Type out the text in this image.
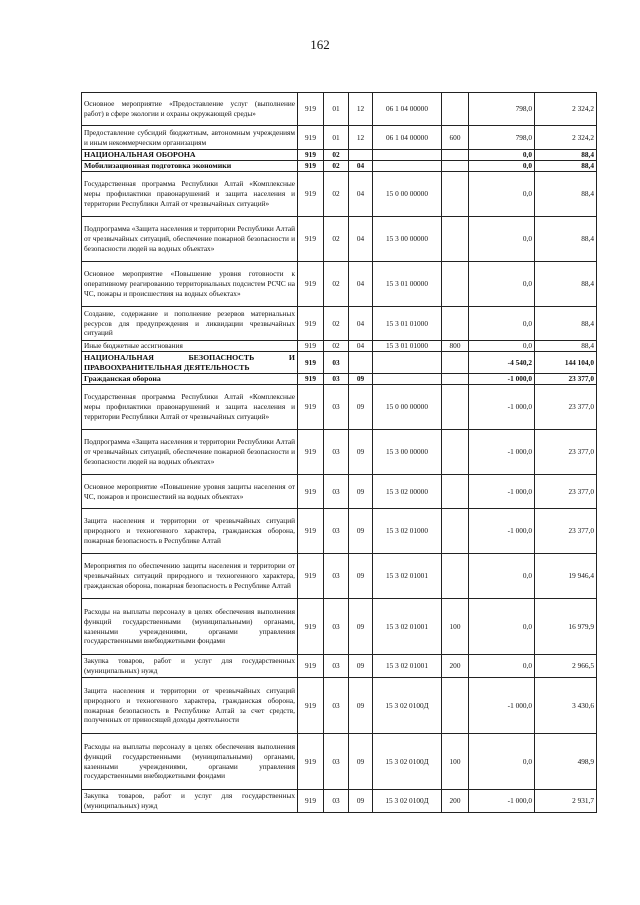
162
Основное мероприятие «Предоставление услуг (выполнение работ) в сфере экологии и охраны окружающей среды»	919	01	12	06 1 04 00000		798,0	2 324,2
Предоставление субсидий бюджетным, автономным учреждениям и иным некоммерческим организациям	919	01	12	06 1 04 00000	600	798,0	2 324,2
НАЦИОНАЛЬНАЯ ОБОРОНА	919	02				0,0	88,4
Мобилизационная подготовка экономики	919	02	04			0,0	88,4
Государственная программа Республики Алтай «Комплексные меры профилактики правонарушений и защита населения и территории Республики Алтай от чрезвычайных ситуаций»	919	02	04	15 0 00 00000		0,0	88,4
Подпрограмма «Защита населения и территории Республики Алтай от чрезвычайных ситуаций, обеспечение пожарной безопасности и безопасности людей на водных объектах»	919	02	04	15 3 00 00000		0,0	88,4
Основное мероприятие «Повышение уровня готовности к оперативному реагированию территориальных подсистем РСЧС на ЧС, пожары и происшествия на водных объектах»	919	02	04	15 3 01 00000		0,0	88,4
Создание, содержание и пополнение резервов материальных ресурсов для предупреждения и ликвидации чрезвычайных ситуаций	919	02	04	15 3 01 01000		0,0	88,4
Иные бюджетные ассигнования	919	02	04	15 3 01 01000	800	0,0	88,4
НАЦИОНАЛЬНАЯ БЕЗОПАСНОСТЬ И ПРАВООХРАНИТЕЛЬНАЯ ДЕЯТЕЛЬНОСТЬ	919	03				-4 540,2	144 104,0
Гражданская оборона	919	03	09			-1 000,0	23 377,0
Государственная программа Республики Алтай «Комплексные меры профилактики правонарушений и защита населения и территории Республики Алтай от чрезвычайных ситуаций»	919	03	09	15 0 00 00000		-1 000,0	23 377,0
Подпрограмма «Защита населения и территории Республики Алтай от чрезвычайных ситуаций, обеспечение пожарной безопасности и безопасности людей на водных объектах»	919	03	09	15 3 00 00000		-1 000,0	23 377,0
Основное мероприятие «Повышение уровня защиты населения от ЧС, пожаров и происшествий на водных объектах»	919	03	09	15 3 02 00000		-1 000,0	23 377,0
Защита населения и территории от чрезвычайных ситуаций природного и техногенного характера, гражданская оборона, пожарная безопасность в Республике Алтай	919	03	09	15 3 02 01000		-1 000,0	23 377,0
Мероприятия по обеспечению защиты населения и территории от чрезвычайных ситуаций природного и техногенного характера, гражданская оборона, пожарная безопасность в Республике Алтай	919	03	09	15 3 02 01001		0,0	19 946,4
Расходы на выплаты персоналу в целях обеспечения выполнения функций государственными (муниципальными) органами, казенными учреждениями, органами управления государственными внебюджетными фондами	919	03	09	15 3 02 01001	100	0,0	16 979,9
Закупка товаров, работ и услуг для государственных (муниципальных) нужд	919	03	09	15 3 02 01001	200	0,0	2 966,5
Защита населения и территории от чрезвычайных ситуаций природного и техногенного характера, гражданская оборона, пожарная безопасность в Республике Алтай за счет средств, полученных от приносящей доходы деятельности	919	03	09	15 3 02 0100Д		-1 000,0	3 430,6
Расходы на выплаты персоналу в целях обеспечения выполнения функций государственными (муниципальными) органами, казенными учреждениями, органами управления государственными внебюджетными фондами	919	03	09	15 3 02 0100Д	100	0,0	498,9
Закупка товаров, работ и услуг для государственных (муниципальных) нужд	919	03	09	15 3 02 0100Д	200	-1 000,0	2 931,7
